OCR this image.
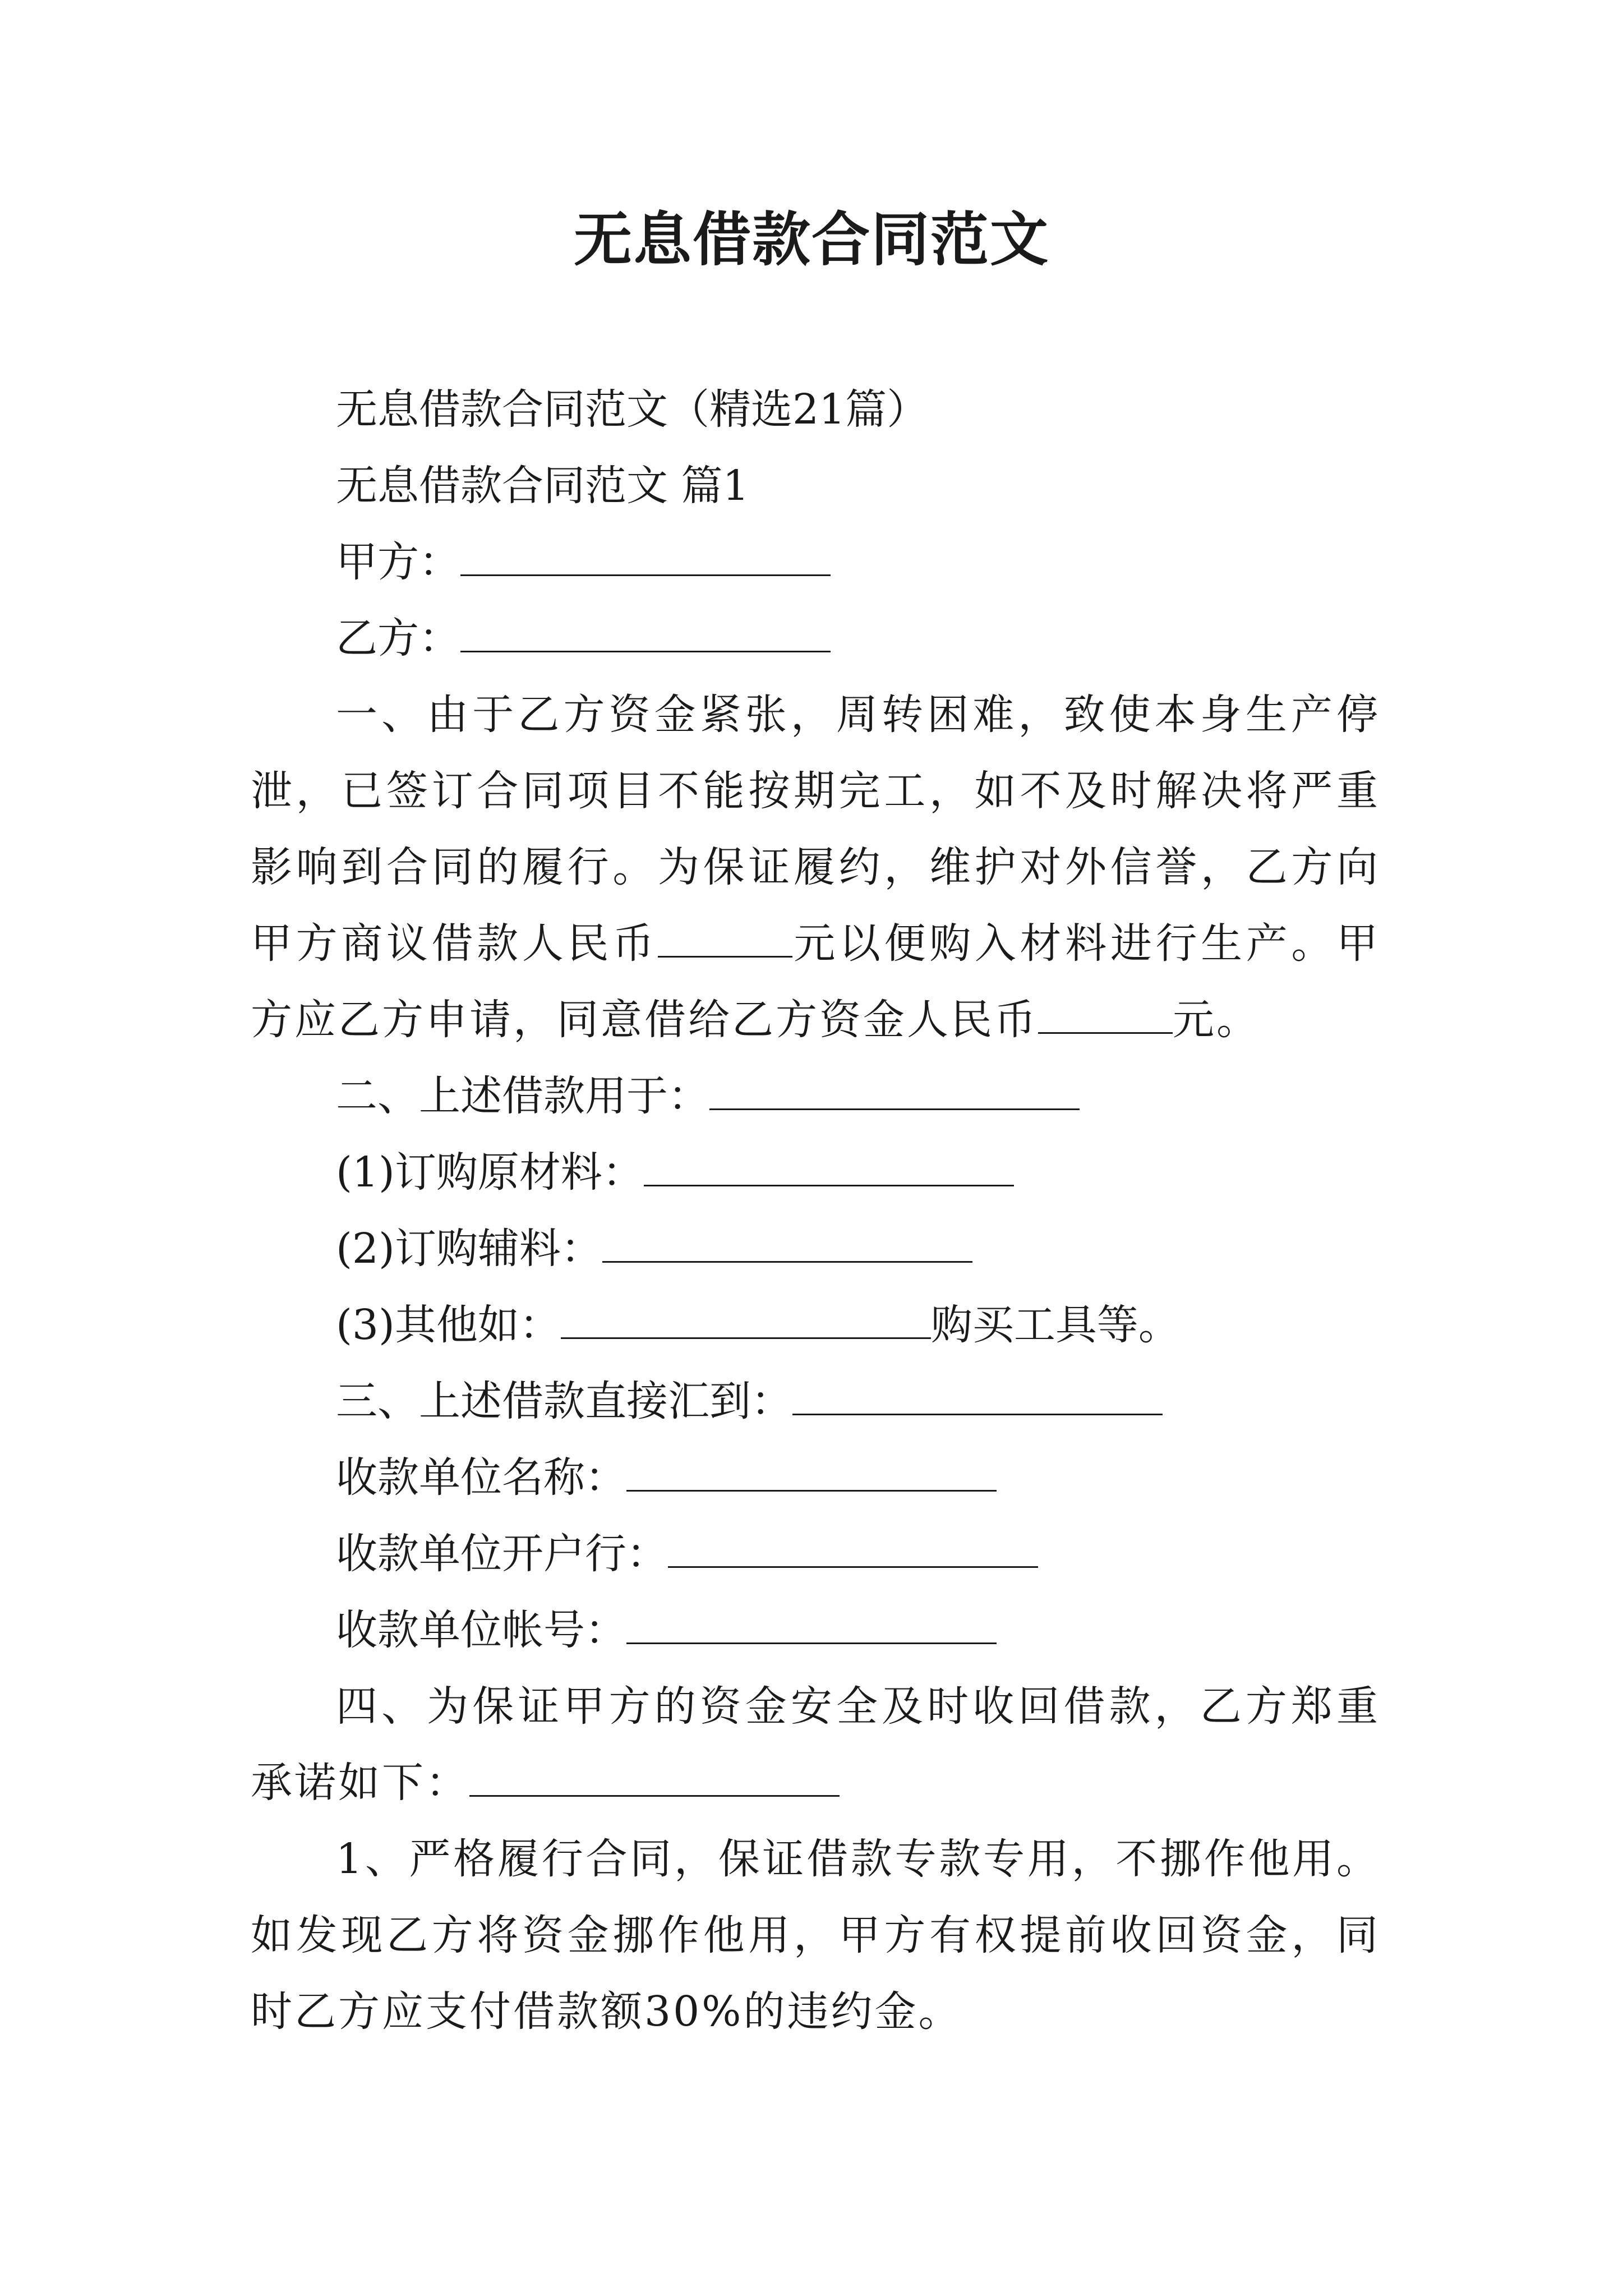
无息借款合同范文

无息借款合同范文（精选21篇）

无息借款合同范文 篇1

甲方：

乙方：

一、由于乙方资金紧张，周转困难，致使本身生产停泄，已签订合同项目不能按期完工，如不及时解决将严重影响到合同的履行。为保证履约，维护对外信誉，乙方向甲方商议借款人民币	元以便购入材料进行生产。甲方应乙方申请，同意借给乙方资金人民币	元。

二、上述借款用于：

(1)订购原材料：

(2)订购辅料：

(3)其他如：	购买工具等。

三、上述借款直接汇到：

收款单位名称：

收款单位开户行：

收款单位帐号：

四、为保证甲方的资金安全及时收回借款，乙方郑重承诺如下：

1、严格履行合同，保证借款专款专用，不挪作他用。如发现乙方将资金挪作他用，甲方有权提前收回资金，同时乙方应支付借款额30%的违约金。
